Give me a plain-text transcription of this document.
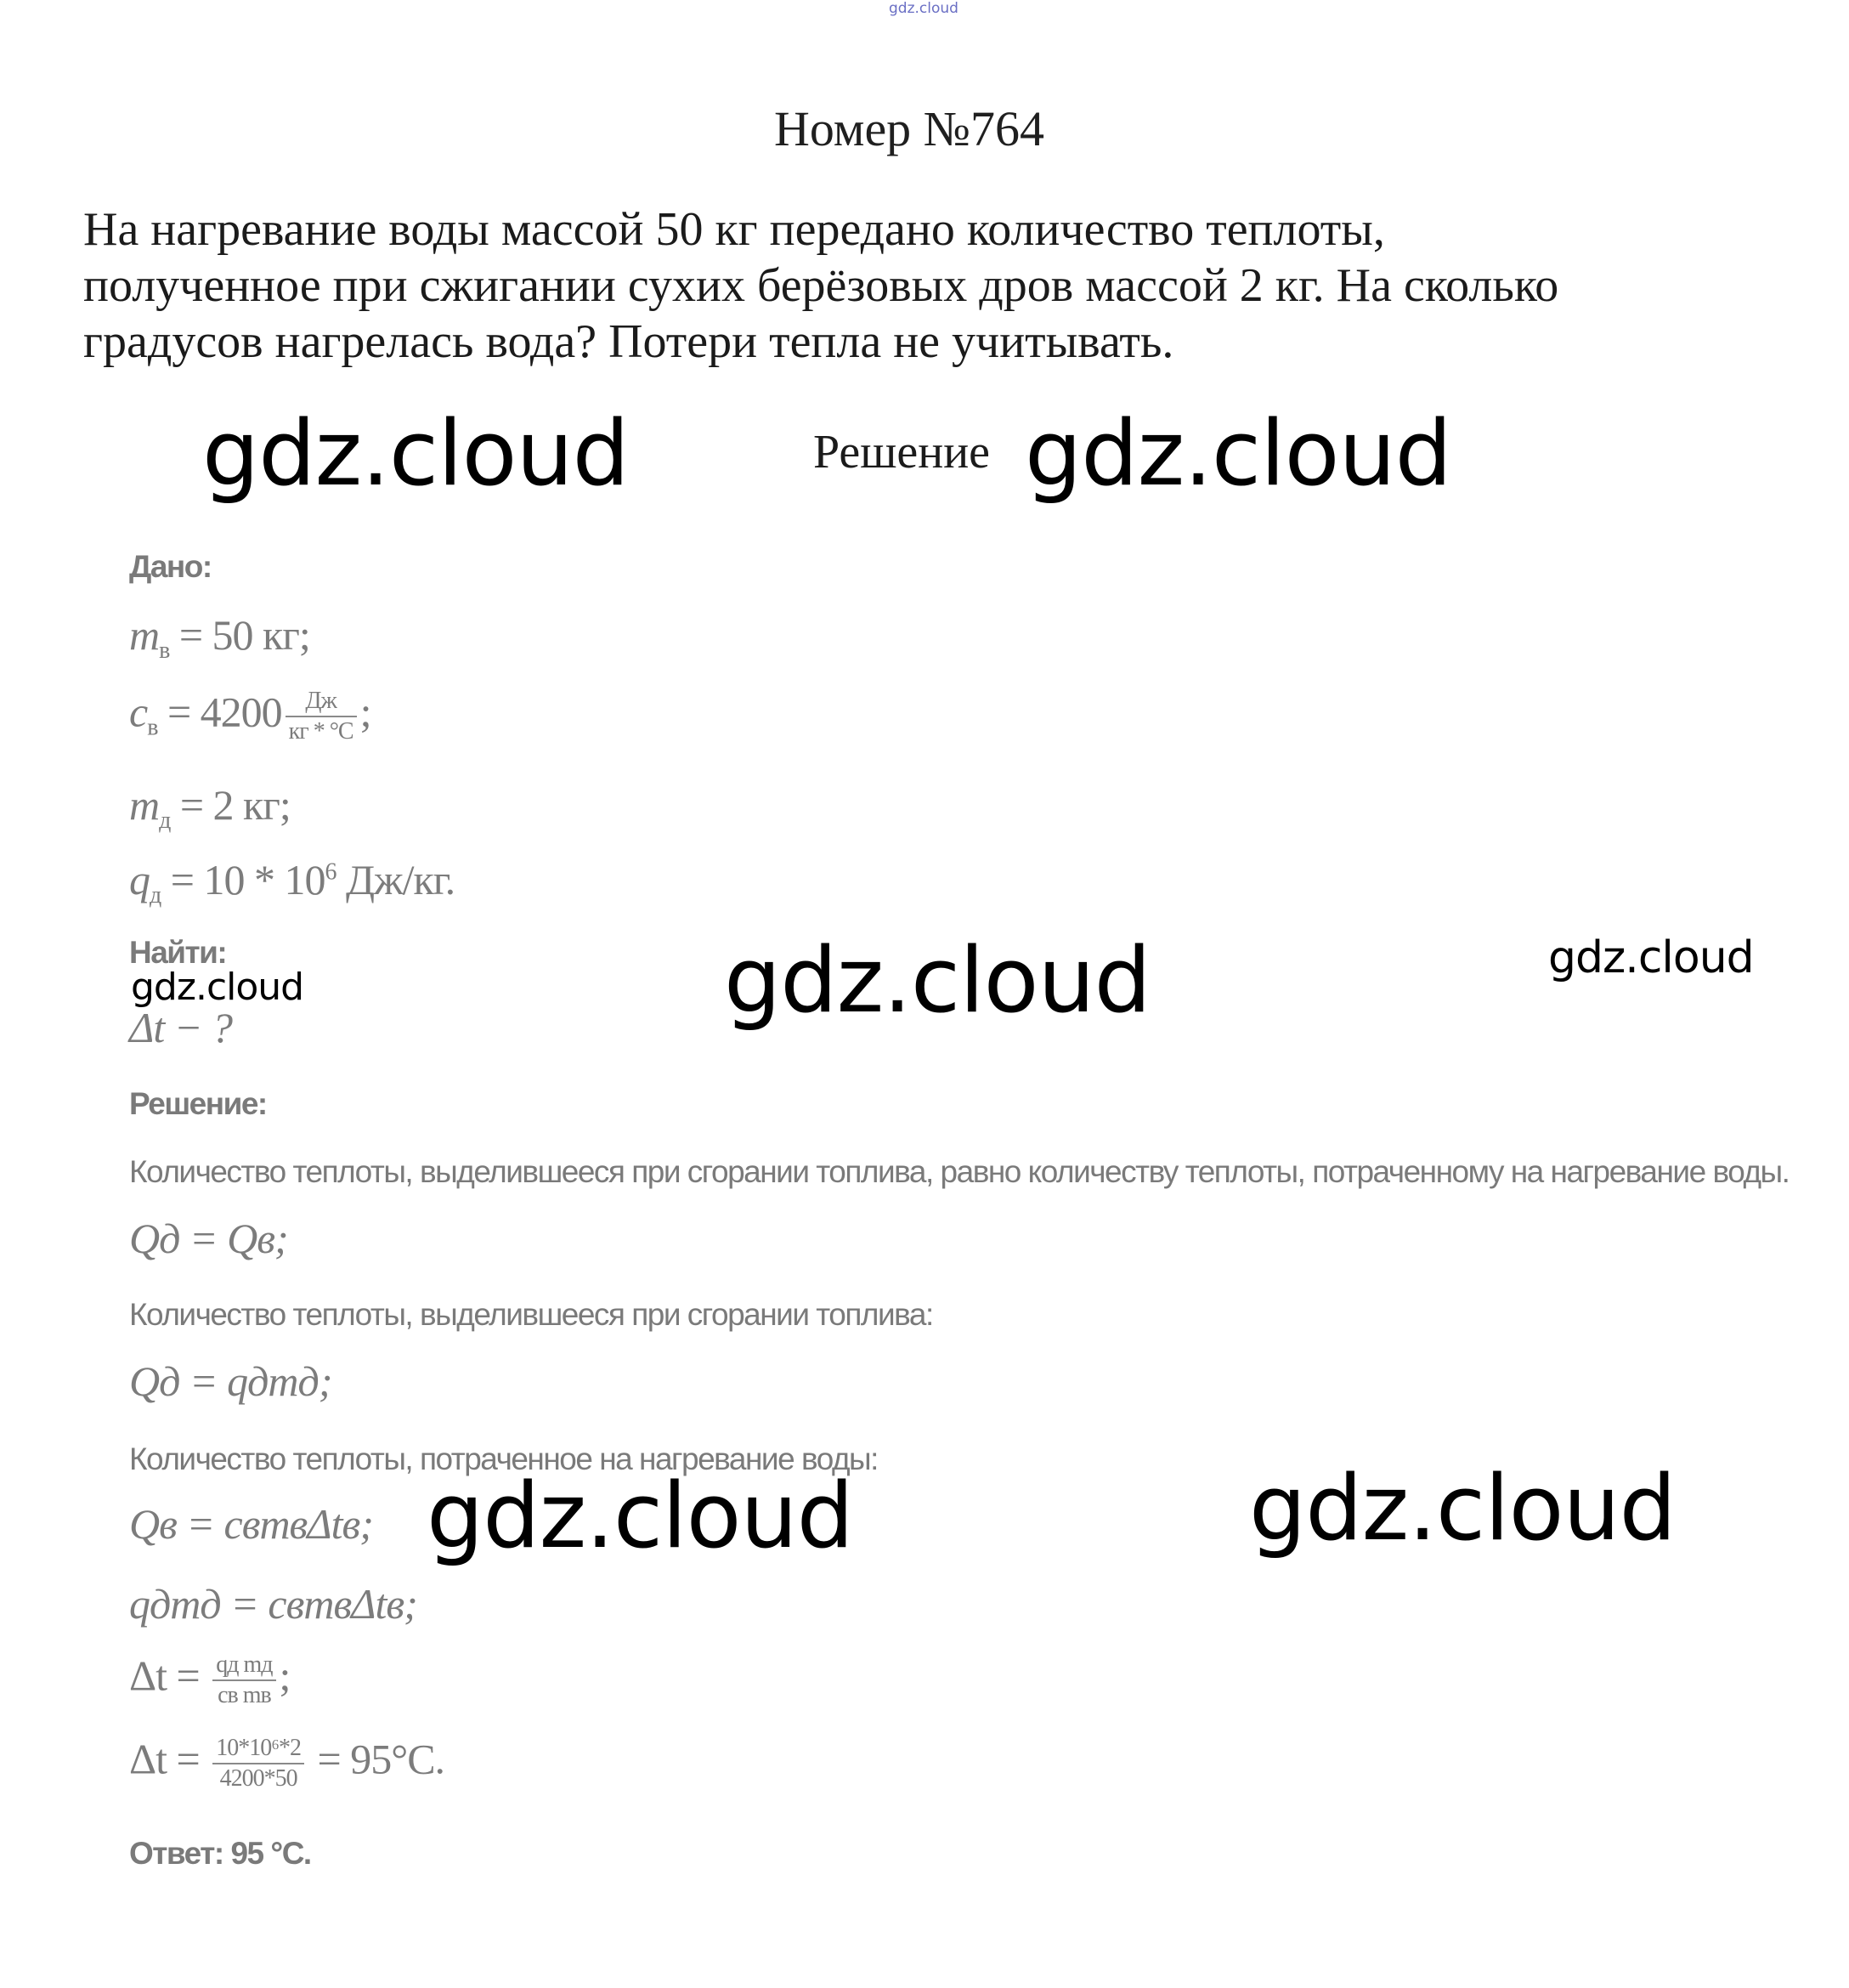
gdz.cloud
Номер №764
На нагревание воды массой 50 кг передано количество теплоты,
полученное при сжигании сухих берёзовых дров массой 2 кг. На сколько
градусов нагрелась вода? Потери тепла не учитывать.
Решение
gdz.cloud	gdz.cloud
gdz.cloud	gdz.cloud
gdz.cloud
gdz.cloud	gdz.cloud
Дано:
$m_в = 50$ кг;
$c_в = 4200 \frac{Дж}{кг * ^\circ C}$ ;
$m_д = 2$ кг;
$q_д = 10 * 10^6$ Дж/кг.
Найти:
Δt − ?
Решение:
Количество теплоты, выделившееся при сгорании топлива, равно количеству теплоты, потраченному на нагревание воды.
Qд = Qв;
Количество теплоты, выделившееся при сгорании топлива:
Qд = qдmд;
Количество теплоты, потраченное на нагревание воды:
Qв = cвmвΔtв;
qдmд = cвmвΔtв;
$\Delta t = \frac{\text{qд mд}}{\text{cв mв}}$ ;
$\Delta t = \frac{\text{10*10⁶*2}}{4200*50} = 95^\circ C$.
Ответ: 95 °C.
